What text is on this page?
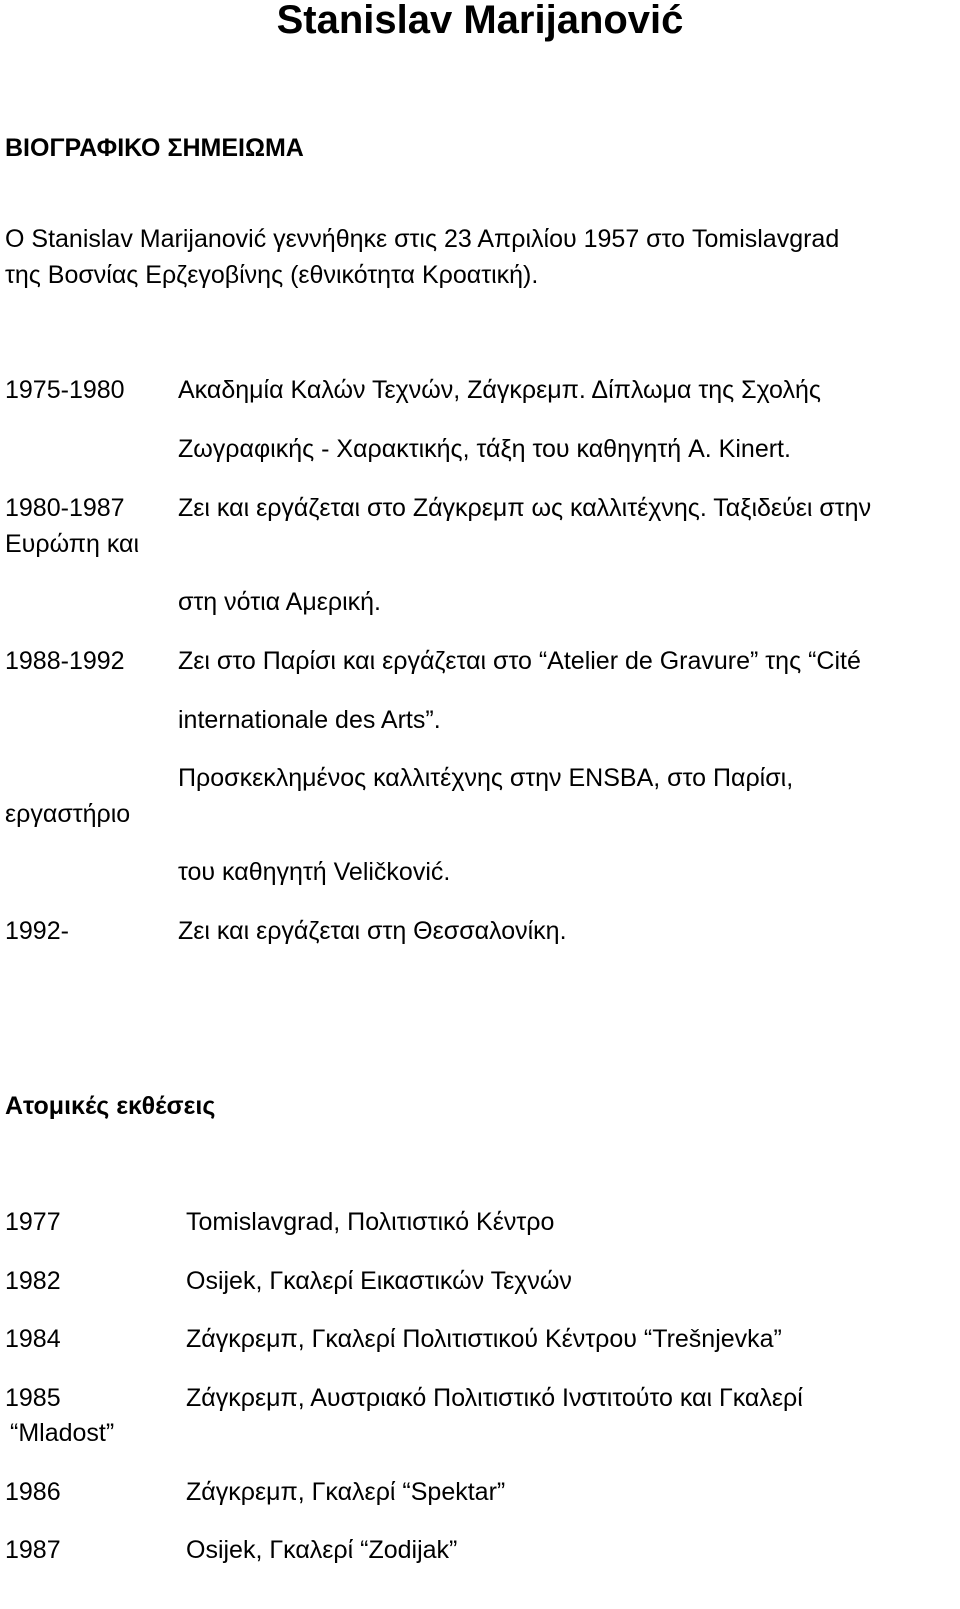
Stanislav Marijanović
ΒΙΟΓΡΑΦΙΚΟ ΣΗΜΕΙΩΜΑ
Ο Stanislav Marijanović γεννήθηκε στις 23 Απριλίου 1957 στο Tomislavgrad
της Βοσνίας Ερζεγοβίνης (εθνικότητα Κροατική).
1975-1980 Ακαδημία Καλών Τεχνών, Ζάγκρεμπ. Δίπλωμα της Σχολής
Ζωγραφικής - Χαρακτικής, τάξη του καθηγητή A. Kinert.
1980-1987 Ζει και εργάζεται στο Ζάγκρεμπ ως καλλιτέχνης. Ταξιδεύει στην
Ευρώπη και
στη νότια Αμερική.
1988-1992 Ζει στο Παρίσι και εργάζεται στο “Atelier de Gravure” της “Cité
internationale des Arts”.
Προσκεκλημένος καλλιτέχνης στην ENSBA, στο Παρίσι,
εργαστήριο
του καθηγητή Veličković.
1992-	Ζει και εργάζεται στη Θεσσαλονίκη.
Ατομικές εκθέσεις
1977	Tomislavgrad, Πολιτιστικό Κέντρο
1982	Osijek, Γκαλερί Εικαστικών Τεχνών
1984	Ζάγκρεμπ, Γκαλερί Πολιτιστικού Κέντρου “Trešnjevka”
1985	Ζάγκρεμπ, Αυστριακό Πολιτιστικό Ινστιτούτο και Γκαλερί
“Mladost”
1986	Ζάγκρεμπ, Γκαλερί “Spektar”
1987	Osijek, Γκαλερί “Zodijak”
